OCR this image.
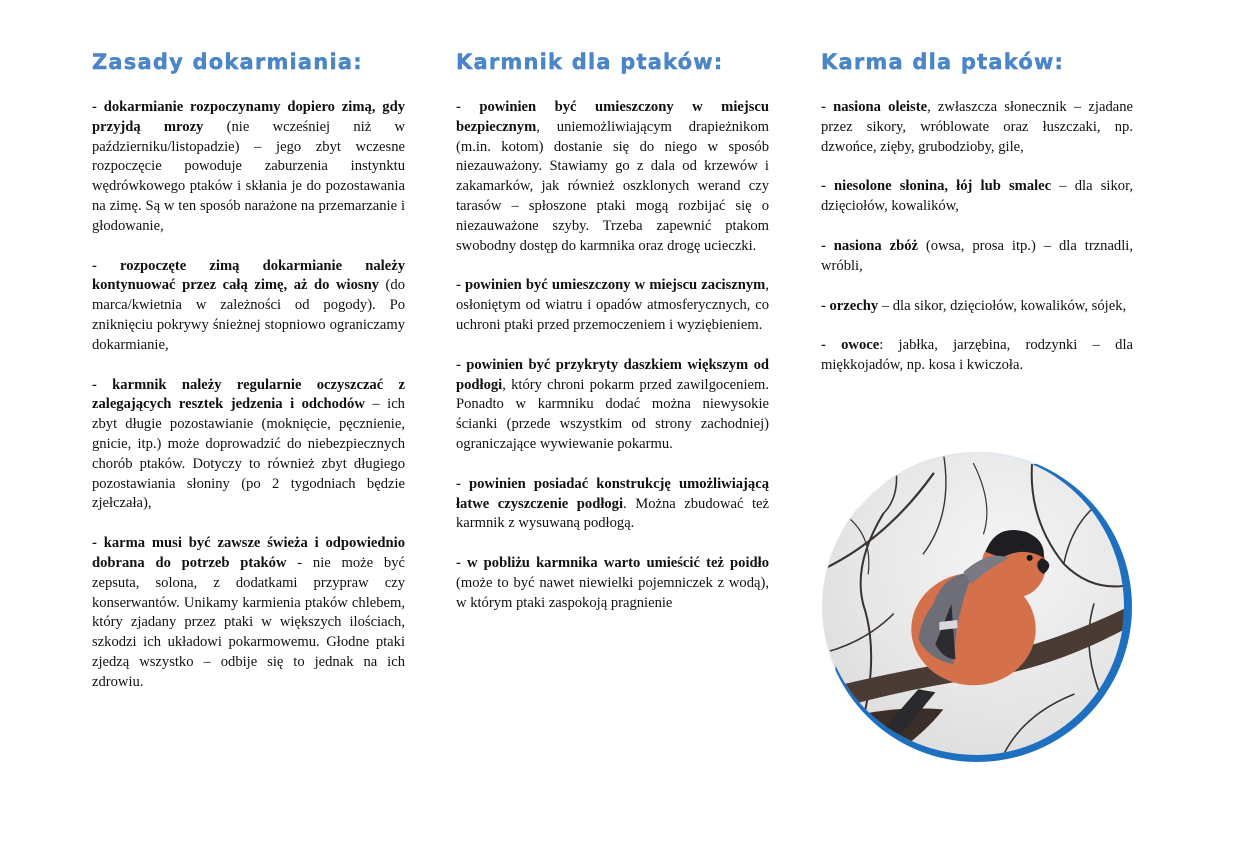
Zasady dokarmiania:

- dokarmianie rozpoczynamy dopiero zimą, gdy przyjdą mrozy (nie wcześniej niż w październiku/listopadzie) – jego zbyt wczesne rozpoczęcie powoduje zaburzenia instynktu wędrówkowego ptaków i skłania je do pozostawania na zimę. Są w ten sposób narażone na przemarzanie i głodowanie,

- rozpoczęte zimą dokarmianie należy kontynuować przez całą zimę, aż do wiosny (do marca/kwietnia w zależności od pogody). Po zniknięciu pokrywy śnieżnej stopniowo ograniczamy dokarmianie,

- karmnik należy regularnie oczyszczać z zalegających resztek jedzenia i odchodów – ich zbyt długie pozostawianie (moknięcie, pęcznienie, gnicie, itp.) może doprowadzić do niebezpiecznych chorób ptaków. Dotyczy to również zbyt długiego pozostawiania słoniny (po 2 tygodniach będzie zjełczała),

- karma musi być zawsze świeża i odpowiednio dobrana do potrzeb ptaków - nie może być zepsuta, solona, z dodatkami przypraw czy konserwantów. Unikamy karmienia ptaków chlebem, który zjadany przez ptaki w większych ilościach, szkodzi ich układowi pokarmowemu. Głodne ptaki zjedzą wszystko – odbije się to jednak na ich zdrowiu.

Karmnik dla ptaków:

- powinien być umieszczony w miejscu bezpiecznym, uniemożliwiającym drapieżnikom (m.in. kotom) dostanie się do niego w sposób niezauważony. Stawiamy go z dala od krzewów i zakamarków, jak również oszklonych werand czy tarasów – spłoszone ptaki mogą rozbijać się o niezauważone szyby. Trzeba zapewnić ptakom swobodny dostęp do karmnika oraz drogę ucieczki.

- powinien być umieszczony w miejscu zacisznym, osłoniętym od wiatru i opadów atmosferycznych, co uchroni ptaki przed przemoczeniem i wyziębieniem.

- powinien być przykryty daszkiem większym od podłogi, który chroni pokarm przed zawilgoceniem. Ponadto w karmniku dodać można niewysokie ścianki (przede wszystkim od strony zachodniej) ograniczające wywiewanie pokarmu.

- powinien posiadać konstrukcję umożliwiającą łatwe czyszczenie podłogi. Można zbudować też karmnik z wysuwaną podłogą.

- w pobliżu karmnika warto umieścić też poidło (może to być nawet niewielki pojemniczek z wodą), w którym ptaki zaspokoją pragnienie

Karma dla ptaków:

- nasiona oleiste, zwłaszcza słonecznik – zjadane przez sikory, wróblowate oraz łuszczaki, np. dzwońce, zięby, grubodzioby, gile,

- niesolone słonina, łój lub smalec – dla sikor, dzięciołów, kowalików,

- nasiona zbóż (owsa, prosa itp.) – dla trznadli, wróbli,

- orzechy – dla sikor, dzięciołów, kowalików, sójek,

- owoce: jabłka, jarzębina, rodzynki – dla miękkojadów, np. kosa i kwiczoła.
